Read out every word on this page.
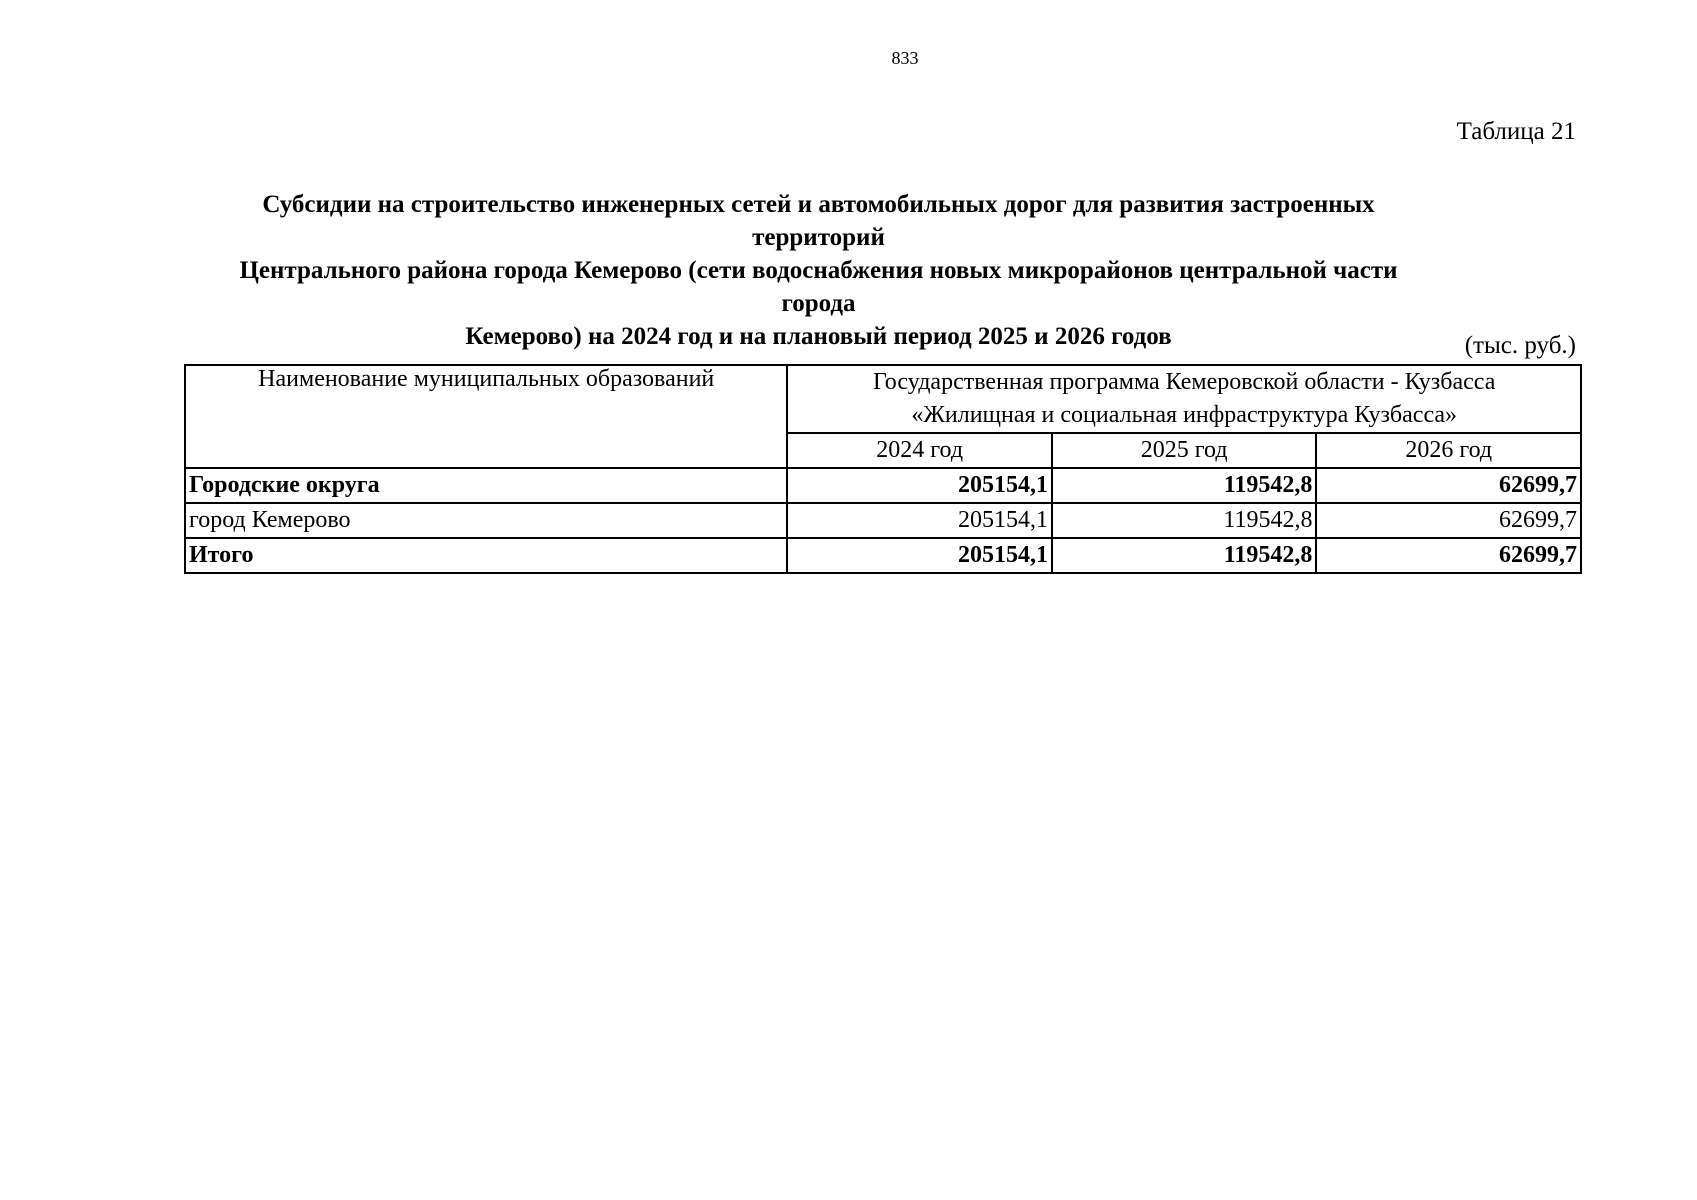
833
Таблица 21
Субсидии на строительство инженерных сетей и автомобильных дорог для развития застроенных территорий
Центрального района города Кемерово (сети водоснабжения новых микрорайонов центральной части города
Кемерово) на 2024 год и на плановый период 2025 и 2026 годов	(тыс. руб.)
Наименование муниципальных образований	Государственная программа Кемеровской области - Кузбасса
«Жилищная и социальная инфраструктура Кузбасса»		

	2024 год	2025 год	2026 год
Городские округа	205154,1	119542,8	62699,7
город Кемерово	205154,1	119542,8	62699,7
Итого	205154,1	119542,8	62699,7
